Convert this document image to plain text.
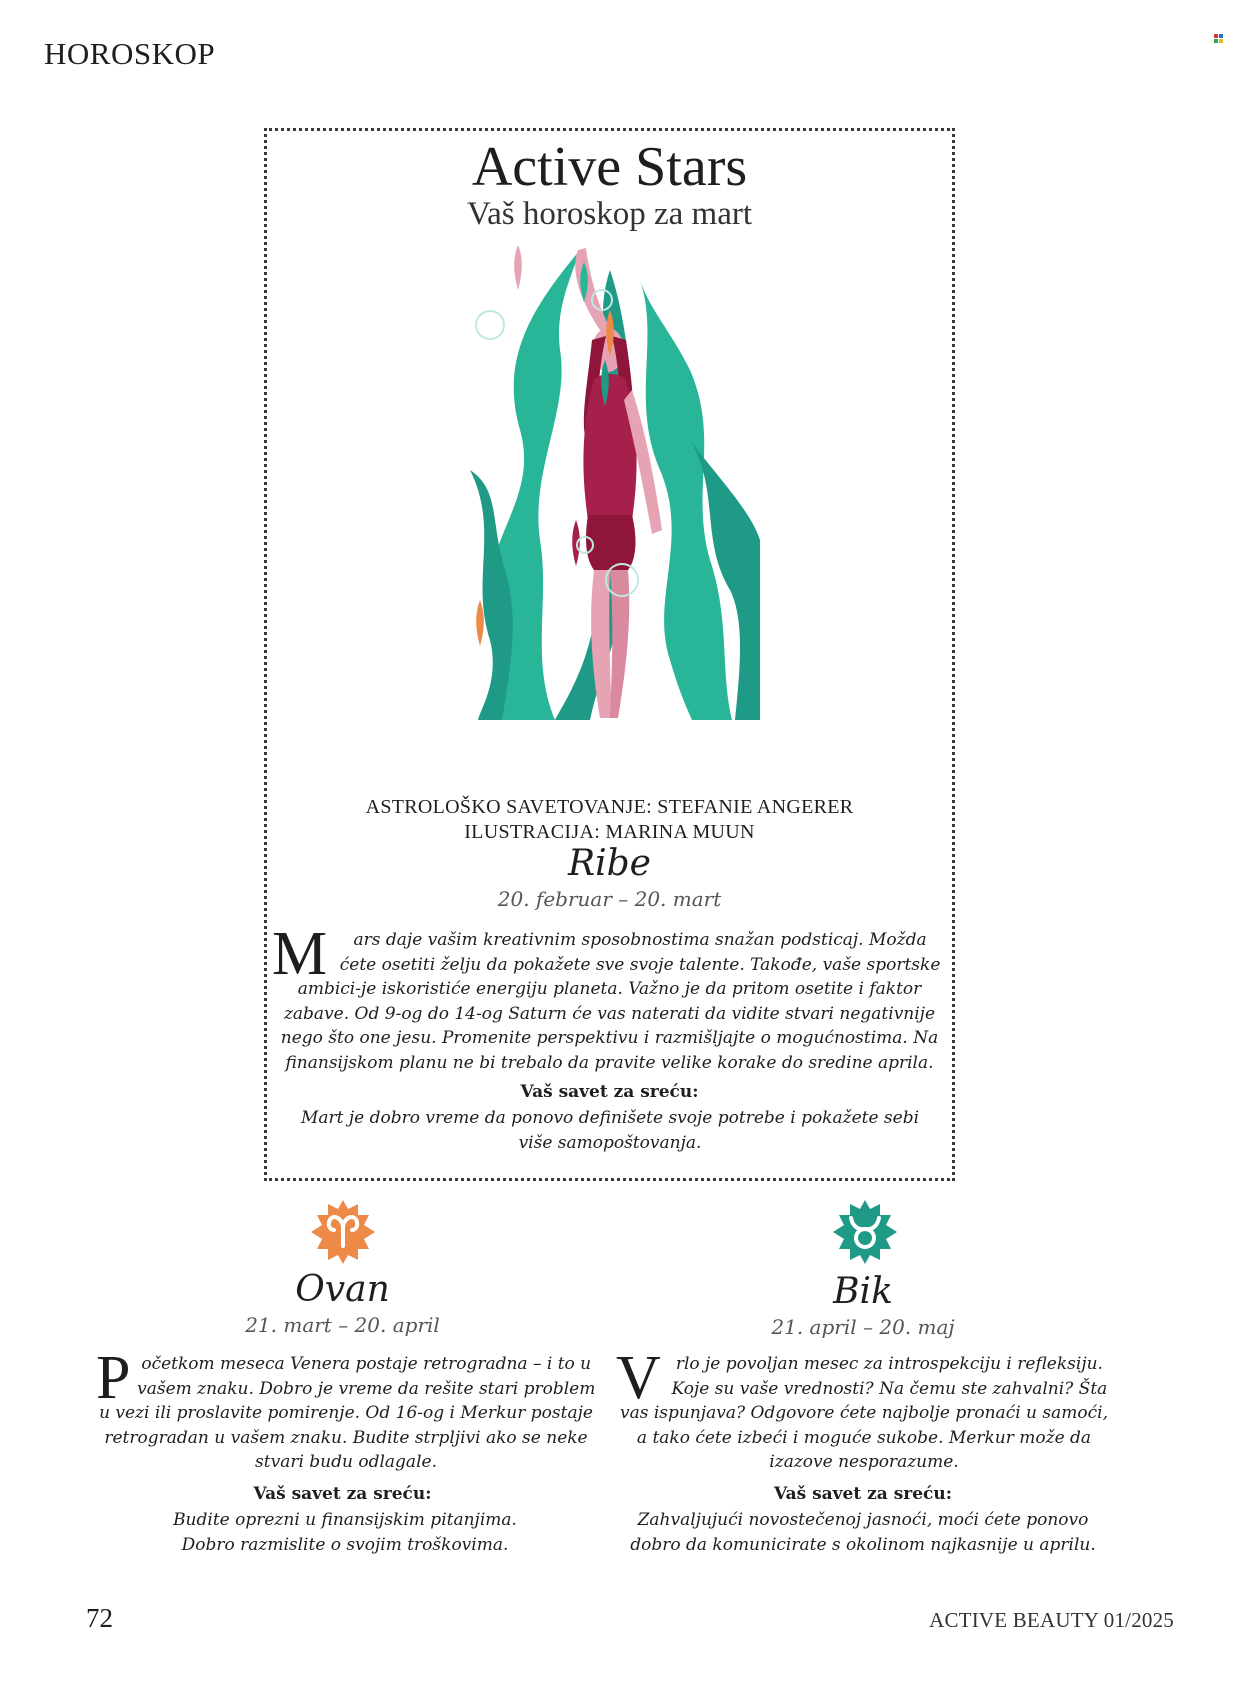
HOROSKOP
Active Stars
Vaš horoskop za mart
ASTROLOŠKO SAVETOVANJE: STEFANIE ANGERER
ILUSTRACIJA: MARINA MUUN
Ribe
20. februar – 20. mart
M ars daje vašim kreativnim sposobnostima snažan podsticaj. Možda ćete osetiti želju da pokažete sve svoje talente. Takođe, vaše sportske ambici-je iskoristiće energiju planeta. Važno je da pritom osetite i faktor zabave. Od 9-og do 14-og Saturn će vas naterati da vidite stvari negativnije nego što one jesu. Promenite perspektivu i razmišljajte o mogućnostima. Na finansijskom planu ne bi trebalo da pravite velike korake do sredine aprila.
Vaš savet za sreću:
Mart je dobro vreme da ponovo definišete svoje potrebe i pokažete sebi više samopoštovanja.
Ovan
21. mart – 20. april
Početkom meseca Venera postaje retrogradna – i to u vašem znaku. Dobro je vreme da rešite stari problem u vezi ili proslavite pomirenje. Od 16-og i Merkur postaje retrogradan u vašem znaku. Budite strpljivi ako se neke stvari budu odlagale.
Vaš savet za sreću:
Budite oprezni u finansijskim pitanjima. Dobro razmislite o svojim troškovima.
Bik
21. april – 20. maj
Vrlo je povoljan mesec za introspekciju i refleksiju. Koje su vaše vrednosti? Na čemu ste zahvalni? Šta vas ispunjava? Odgovore ćete najbolje pronaći u samoći, a tako ćete izbeći i moguće sukobe. Merkur može da izazove nesporazume.
Vaš savet za sreću:
Zahvaljujući novostečenoj jasnoći, moći ćete ponovo dobro da komunicirate s okolinom najkasnije u aprilu.
72	ACTIVE BEAUTY 01/2025
